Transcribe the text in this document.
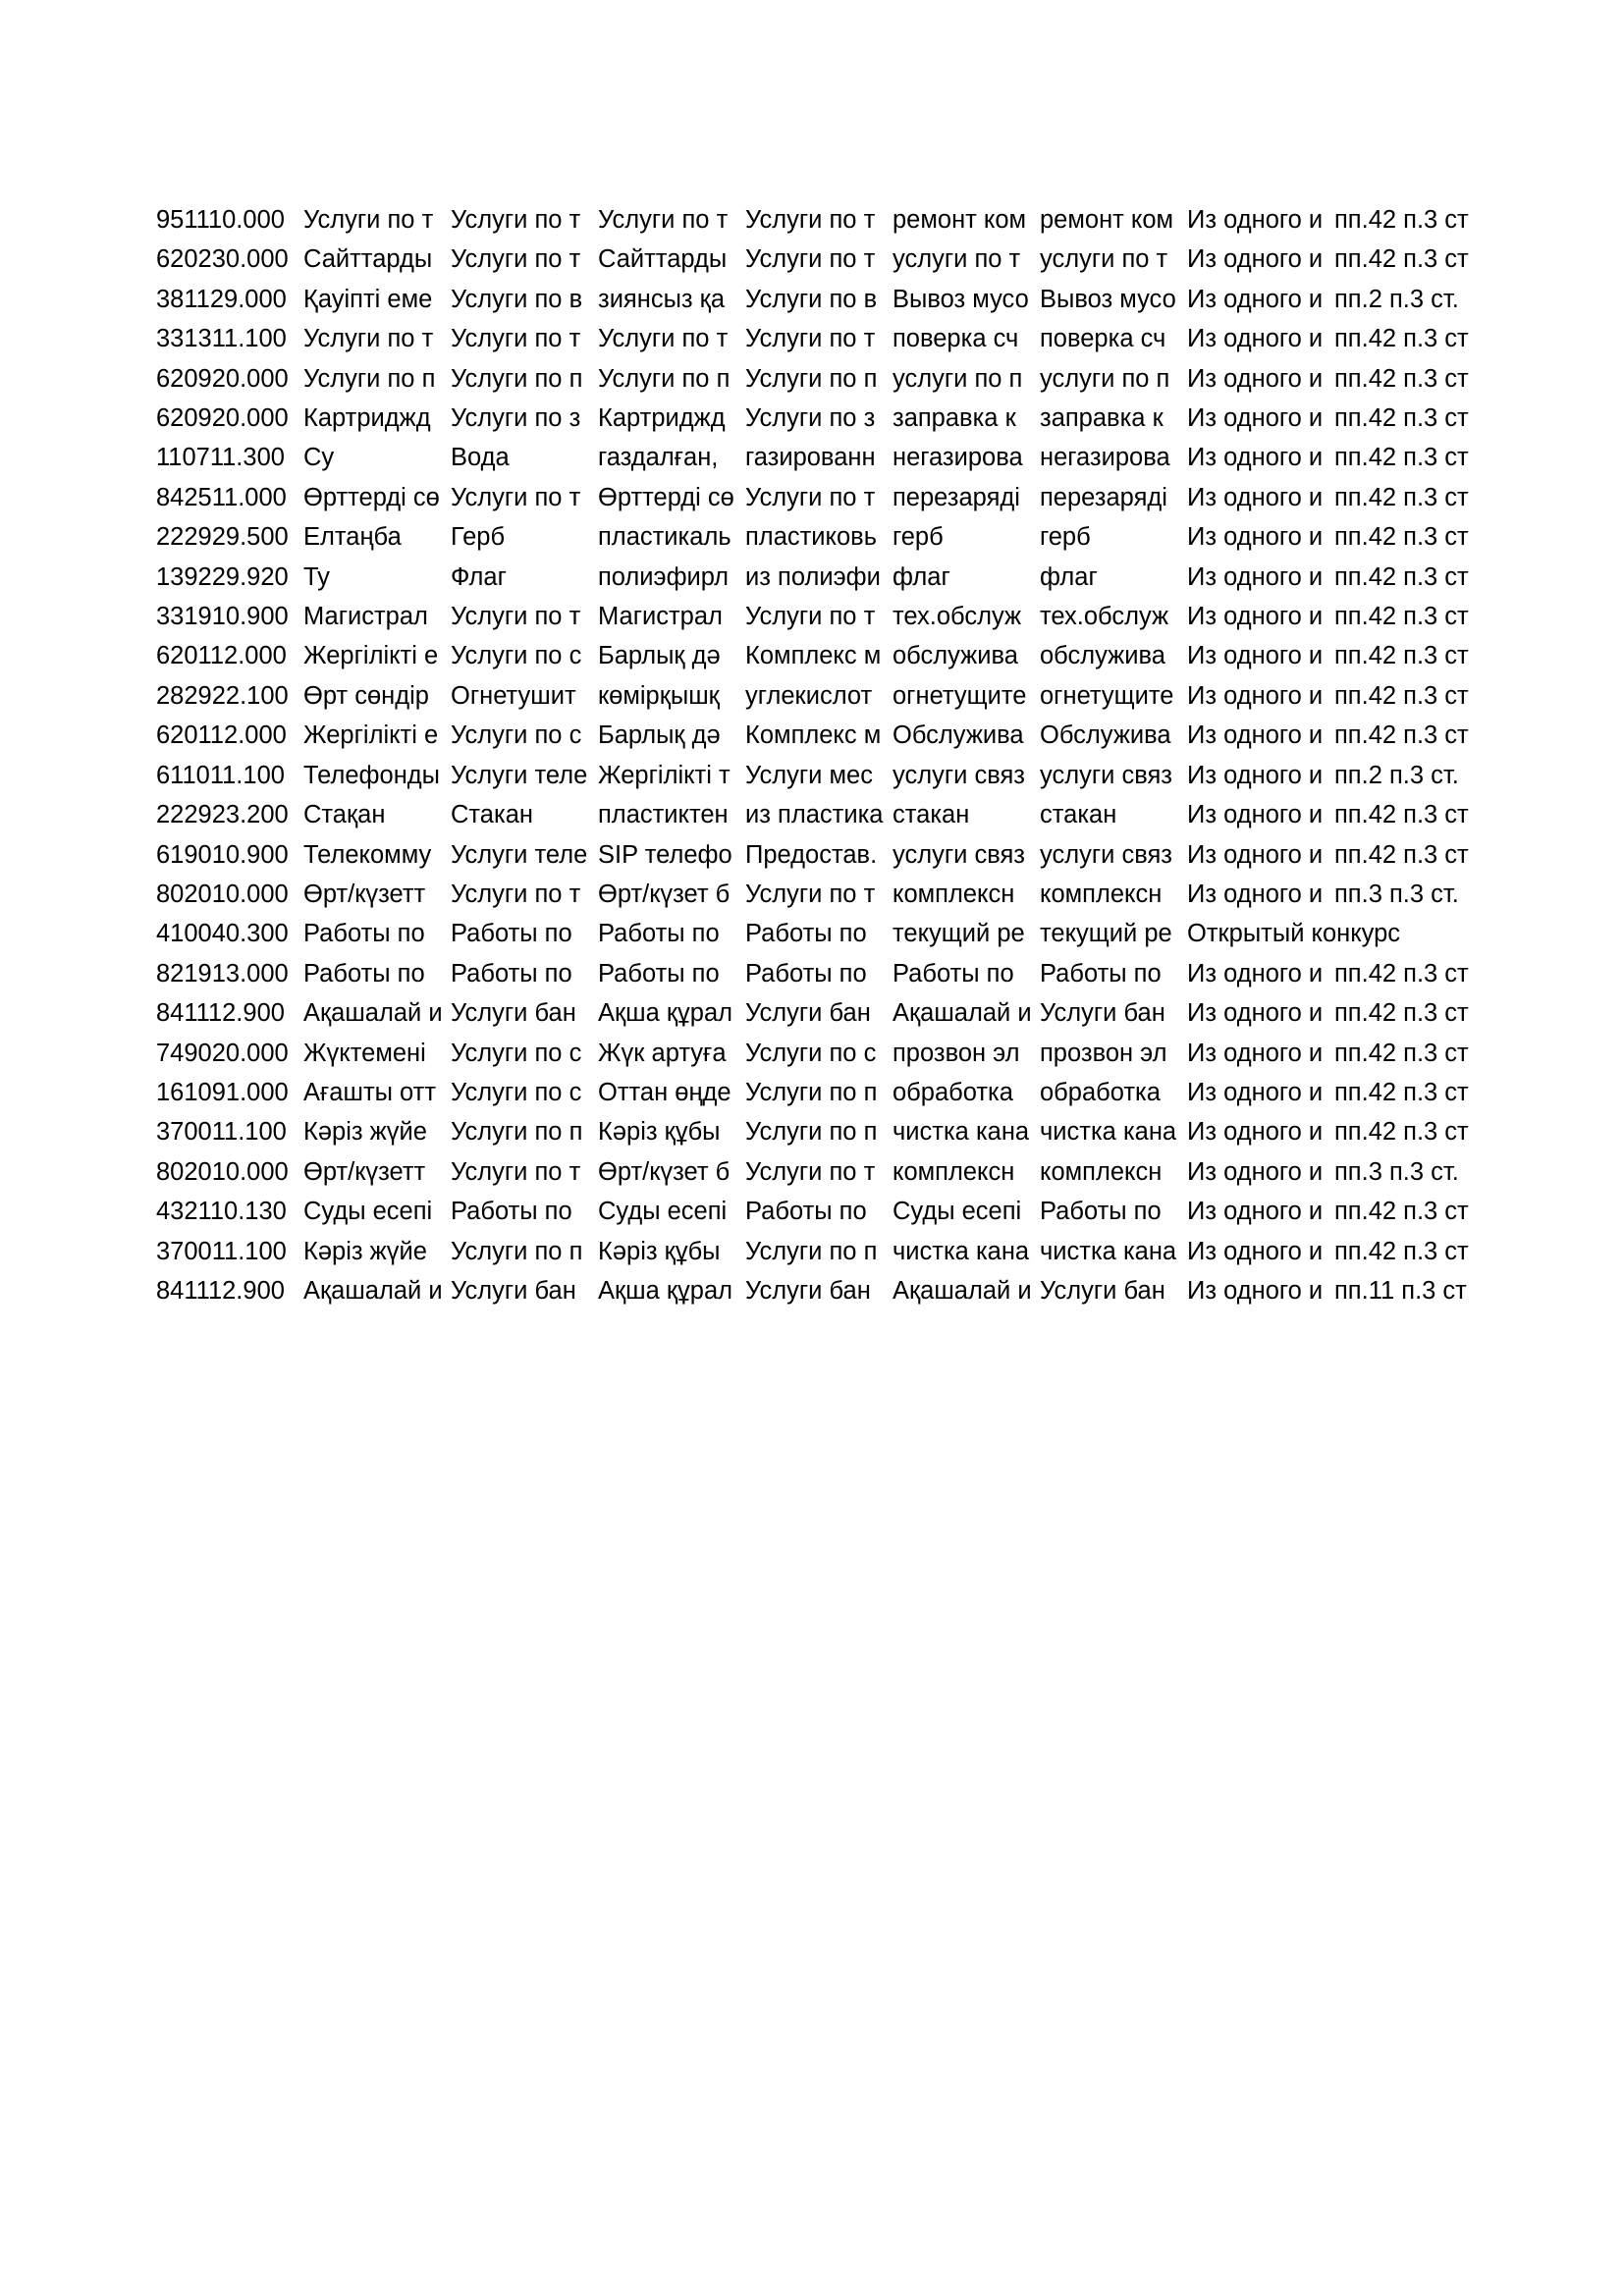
951110.000	Услуги по т	Услуги по т	Услуги по т	Услуги по т	ремонт ком	ремонт ком	Из одного и	пп.42 п.3 ст
620230.000	Сайттарды	Услуги по т	Сайттарды	Услуги по т	услуги по т	услуги по т	Из одного и	пп.42 п.3 ст
381129.000	Қауіпті еме	Услуги по в	зиянсыз қа	Услуги по в	Вывоз мусо	Вывоз мусо	Из одного и	пп.2 п.3 ст.
331311.100	Услуги по т	Услуги по т	Услуги по т	Услуги по т	поверка сч	поверка сч	Из одного и	пп.42 п.3 ст
620920.000	Услуги по п	Услуги по п	Услуги по п	Услуги по п	услуги по п	услуги по п	Из одного и	пп.42 п.3 ст
620920.000	Картриджд	Услуги по з	Картриджд	Услуги по з	заправка к	заправка к	Из одного и	пп.42 п.3 ст
110711.300	Су	Вода	газдалған,	газированн	негазирова	негазирова	Из одного и	пп.42 п.3 ст
842511.000	Өрттерді сө	Услуги по т	Өрттерді сө	Услуги по т	перезаряді	перезаряді	Из одного и	пп.42 п.3 ст
222929.500	Елтаңба	Герб	пластикаль	пластиковь	герб	герб	Из одного и	пп.42 п.3 ст
139229.920	Ту	Флаг	полиэфирл	из полиэфи	флаг	флаг	Из одного и	пп.42 п.3 ст
331910.900	Магистрал	Услуги по т	Магистрал	Услуги по т	тех.обслуж	тех.обслуж	Из одного и	пп.42 п.3 ст
620112.000	Жергілікті е	Услуги по с	Барлық дә	Комплекс м	обслужива	обслужива	Из одного и	пп.42 п.3 ст
282922.100	Өрт сөндір	Огнетушит	көмірқышқ	углекислот	огнетущите	огнетущите	Из одного и	пп.42 п.3 ст
620112.000	Жергілікті е	Услуги по с	Барлық дә	Комплекс м	Обслужива	Обслужива	Из одного и	пп.42 п.3 ст
611011.100	Телефонды	Услуги теле	Жергілікті т	Услуги мес	услуги связ	услуги связ	Из одного и	пп.2 п.3 ст.
222923.200	Стақан	Стакан	пластиктен	из пластика	стакан	стакан	Из одного и	пп.42 п.3 ст
619010.900	Телекомму	Услуги теле	SIP телефо	Предостав.	услуги связ	услуги связ	Из одного и	пп.42 п.3 ст
802010.000	Өрт/күзетт	Услуги по т	Өрт/күзет б	Услуги по т	комплексн	комплексн	Из одного и	пп.3 п.3 ст.
410040.300	Работы по	Работы по	Работы по	Работы по	текущий ре	текущий ре	Открытый конкурс	
821913.000	Работы по	Работы по	Работы по	Работы по	Работы по	Работы по	Из одного и	пп.42 п.3 ст
841112.900	Ақашалай и	Услуги бан	Ақша құрал	Услуги бан	Ақашалай и	Услуги бан	Из одного и	пп.42 п.3 ст
749020.000	Жүктемені	Услуги по с	Жүк артуға	Услуги по с	прозвон эл	прозвон эл	Из одного и	пп.42 п.3 ст
161091.000	Ағашты отт	Услуги по с	Оттан өңде	Услуги по п	обработка	обработка	Из одного и	пп.42 п.3 ст
370011.100	Кәріз жүйе	Услуги по п	Кәріз құбы	Услуги по п	чистка кана	чистка кана	Из одного и	пп.42 п.3 ст
802010.000	Өрт/күзетт	Услуги по т	Өрт/күзет б	Услуги по т	комплексн	комплексн	Из одного и	пп.3 п.3 ст.
432110.130	Суды есепі	Работы по	Суды есепі	Работы по	Суды есепі	Работы по	Из одного и	пп.42 п.3 ст
370011.100	Кәріз жүйе	Услуги по п	Кәріз құбы	Услуги по п	чистка кана	чистка кана	Из одного и	пп.42 п.3 ст
841112.900	Ақашалай и	Услуги бан	Ақша құрал	Услуги бан	Ақашалай и	Услуги бан	Из одного и	пп.11 п.3 ст
